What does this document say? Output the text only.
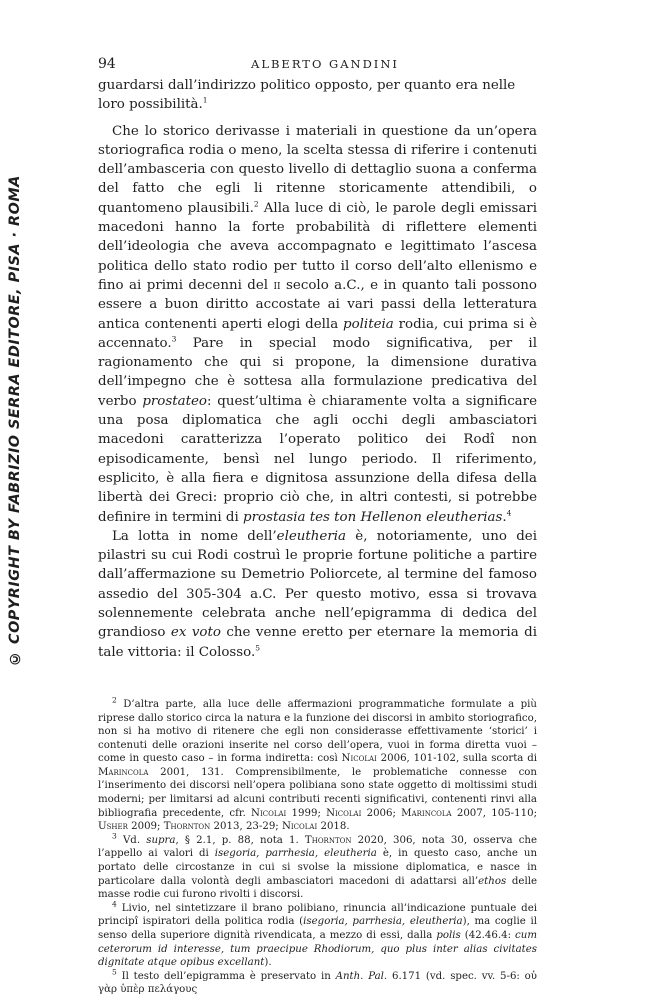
© COPYRIGHT BY FABRIZIO SERRA EDITORE, PISA · ROMA
94	ALBERTO GANDINI

guardarsi dall’indirizzo politico opposto, per quanto era nelle loro possibilità.$^1$

Che lo storico derivasse i materiali in questione da un’opera storiografica rodia o meno, la scelta stessa di riferire i contenuti dell’ambasceria con questo livello di dettaglio suona a conferma del fatto che egli li ritenne storicamente attendibili, o quantomeno plausibili.$^2$ Alla luce di ciò, le parole degli emissari macedoni hanno la forte probabilità di riflettere elementi dell’ideologia che aveva accompagnato e legittimato l’ascesa politica dello stato rodio per tutto il corso dell’alto ellenismo e fino ai primi decenni del ii secolo a.C., e in quanto tali possono essere a buon diritto accostate ai vari passi della letteratura antica contenenti aperti elogi della politeia rodia, cui prima si è accennato.$^3$ Pare in special modo significativa, per il ragionamento che qui si propone, la dimensione durativa dell’impegno che è sottesa alla formulazione predicativa del verbo prostateo: quest’ultima è chiaramente volta a significare una posa diplomatica che agli occhi degli ambasciatori macedoni caratterizza l’operato politico dei Rodî non episodicamente, bensì nel lungo periodo. Il riferimento, esplicito, è alla fiera e dignitosa assunzione della difesa della libertà dei Greci: proprio ciò che, in altri contesti, si potrebbe definire in termini di prostasia tes ton Hellenon eleutherias.$^4$

La lotta in nome dell’eleutheria è, notoriamente, uno dei pilastri su cui Rodi costruì le proprie fortune politiche a partire dall’affermazione su Demetrio Poliorcete, al termine del famoso assedio del 305-304 a.C. Per questo motivo, essa si trovava solennemente celebrata anche nell’epigramma di dedica del grandioso ex voto che venne eretto per eternare la memoria di tale vittoria: il Colosso.$^5$

$^2$ D’altra parte, alla luce delle affermazioni programmatiche formulate a più riprese dallo storico circa la natura e la funzione dei discorsi in ambito storiografico, non si ha motivo di ritenere che egli non considerasse effettivamente ‘storici’ i contenuti delle orazioni inserite nel corso dell’opera, vuoi in forma diretta vuoi – come in questo caso – in forma indiretta: così Nicolai 2006, 101-102, sulla scorta di Marincola 2001, 131. Comprensibilmente, le problematiche connesse con l’inserimento dei discorsi nell’opera polibiana sono state oggetto di moltissimi studi moderni; per limitarsi ad alcuni contributi recenti significativi, contenenti rinvi alla bibliografia precedente, cfr. Nicolai 1999; Nicolai 2006; Marincola 2007, 105-110; Usher 2009; Thornton 2013, 23-29; Nicolai 2018.

$^3$ Vd. supra, § 2.1, p. 88, nota 1. Thornton 2020, 306, nota 30, osserva che l’appello ai valori di isegoria, parrhesia, eleutheria è, in questo caso, anche un portato delle circostanze in cui si svolse la missione diplomatica, e nasce in particolare dalla volontà degli ambasciatori macedoni di adattarsi all’ethos delle masse rodie cui furono rivolti i discorsi.

$^4$ Livio, nel sintetizzare il brano polibiano, rinuncia all’indicazione puntuale dei principî ispiratori della politica rodia (isegoria, parrhesia, eleutheria), ma coglie il senso della superiore dignità rivendicata, a mezzo di essi, dalla polis (42.46.4: cum ceterorum id interesse, tum praecipue Rhodiorum, quo plus inter alias civitates dignitate atque opibus excellant).

$^5$ Il testo dell’epigramma è preservato in Anth. Pal. 6.171 (vd. spec. vv. 5-6: οὐ γὰρ ὑπὲρ πελάγους
